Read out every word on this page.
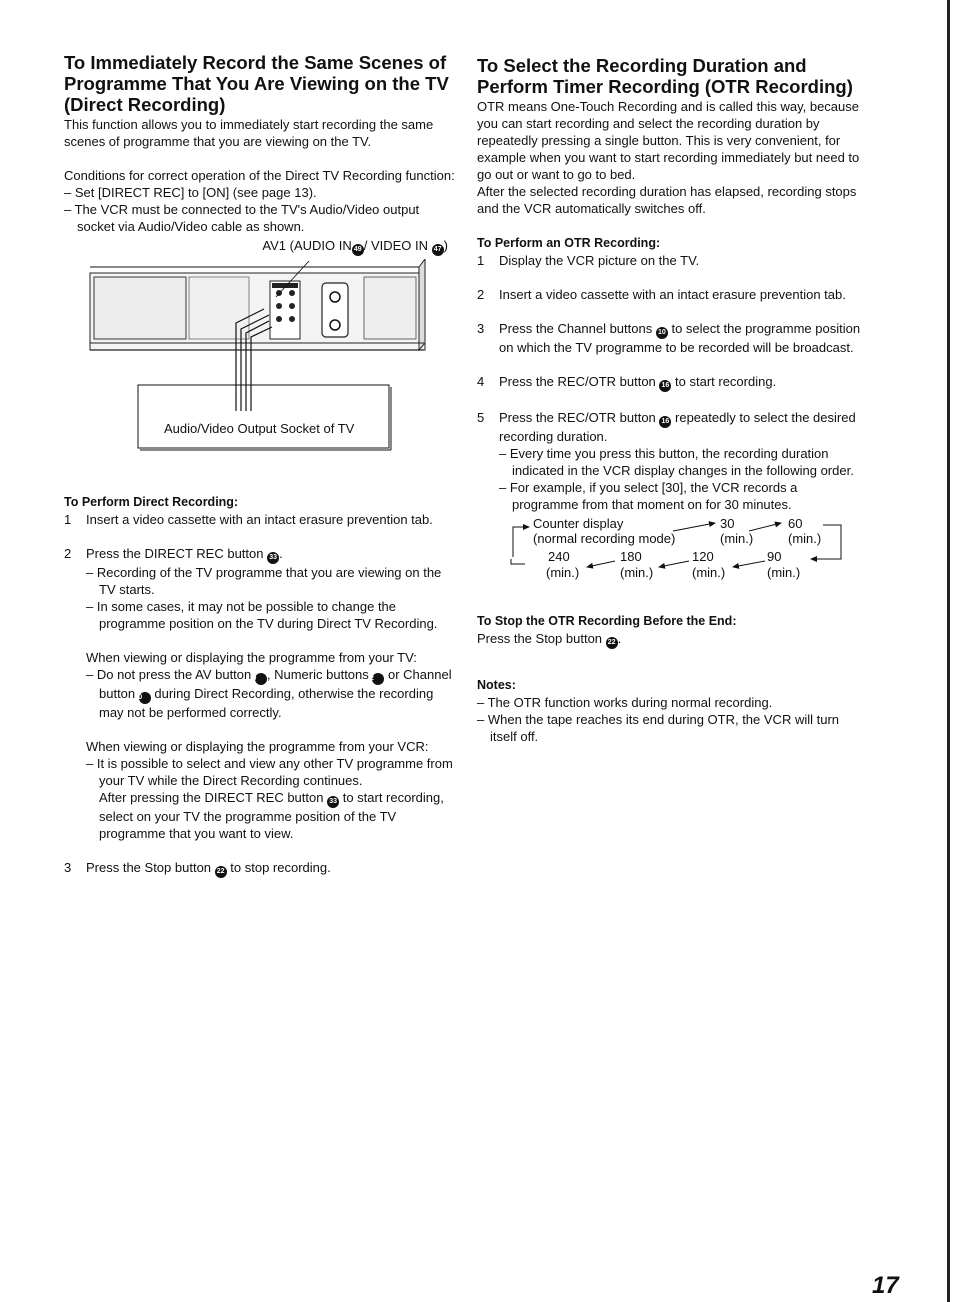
To Immediately Record the Same Scenes of Programme That You Are Viewing on the TV (Direct Recording)

This function allows you to immediately start recording the same scenes of programme that you are viewing on the TV.

Conditions for correct operation of the Direct TV Recording function:

– Set [DIRECT REC] to [ON] (see page 13).

– The VCR must be connected to the TV's Audio/Video output socket via Audio/Video cable as shown.

AV1 (AUDIO IN 49 / VIDEO IN 47 )

Audio/Video Output Socket of TV

To Perform Direct Recording:

1 Insert a video cassette with an intact erasure prevention tab.

2 Press the DIRECT REC button 33 .

– Recording of the TV programme that you are viewing on the TV starts.

– In some cases, it may not be possible to change the programme position on the TV during Direct TV Recording.

When viewing or displaying the programme from your TV:

– Do not press the AV button 9 , Numeric buttons 2 or Channel button 10 during Direct Recording, otherwise the recording may not be performed correctly.

When viewing or displaying the programme from your VCR:

– It is possible to select and view any other TV programme from your TV while the Direct Recording continues.

After pressing the DIRECT REC button 33 to start recording, select on your TV the programme position of the TV programme that you want to view.

3 Press the Stop button 22 to stop recording.

To Select the Recording Duration and Perform Timer Recording (OTR Recording)

OTR means One-Touch Recording and is called this way, because you can start recording and select the recording duration by repeatedly pressing a single button. This is very convenient, for example when you want to start recording immediately but need to go out or want to go to bed.

After the selected recording duration has elapsed, recording stops and the VCR automatically switches off.

To Perform an OTR Recording:

1 Display the VCR picture on the TV.

2 Insert a video cassette with an intact erasure prevention tab.

3 Press the Channel buttons 10 to select the programme position on which the TV programme to be recorded will be broadcast.

4 Press the REC/OTR button 16 to start recording.

5 Press the REC/OTR button 16 repeatedly to select the desired recording duration.

– Every time you press this button, the recording duration indicated in the VCR display changes in the following order.

– For example, if you select [30], the VCR records a programme from that moment on for 30 minutes.

Counter display
(normal recording mode)
30
(min.)
60
(min.)
240
(min.)
180
(min.)
120
(min.)
90
(min.)

To Stop the OTR Recording Before the End:

Press the Stop button 22 .

Notes:

– The OTR function works during normal recording.

– When the tape reaches its end during OTR, the VCR will turn itself off.

17
